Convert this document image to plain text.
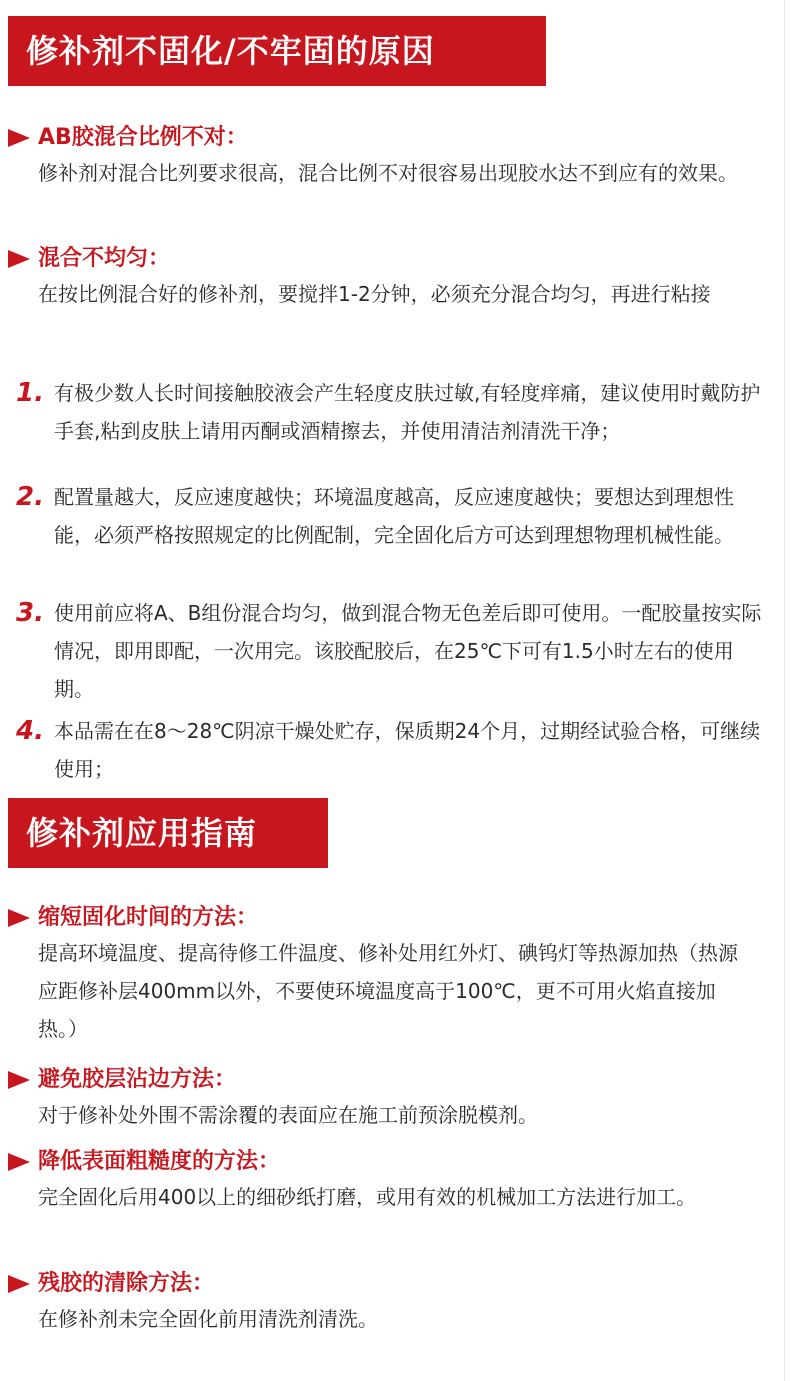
修补剂不固化/不牢固的原因
AB胶混合比例不对：
修补剂对混合比列要求很高，混合比例不对很容易出现胶水达不到应有的效果。
混合不均匀：
在按比例混合好的修补剂，要搅拌1-2分钟，必须充分混合均匀，再进行粘接
1. 有极少数人长时间接触胶液会产生轻度皮肤过敏,有轻度痒痛，建议使用时戴防护手套,粘到皮肤上请用丙酮或酒精擦去，并使用清洁剂清洗干净；
2. 配置量越大，反应速度越快；环境温度越高，反应速度越快；要想达到理想性能，必须严格按照规定的比例配制，完全固化后方可达到理想物理机械性能。
3. 使用前应将A、B组份混合均匀，做到混合物无色差后即可使用。一配胶量按实际情况，即用即配，一次用完。该胶配胶后，在25℃下可有1.5小时左右的使用期。
4. 本品需在在8～28℃阴凉干燥处贮存，保质期24个月，过期经试验合格，可继续使用；
修补剂应用指南
缩短固化时间的方法：
提高环境温度、提高待修工件温度、修补处用红外灯、碘钨灯等热源加热（热源应距修补层400mm以外，不要使环境温度高于100℃，更不可用火焰直接加热。）
避免胶层沾边方法：
对于修补处外围不需涂覆的表面应在施工前预涂脱模剂。
降低表面粗糙度的方法：
完全固化后用400以上的细砂纸打磨，或用有效的机械加工方法进行加工。
残胶的清除方法：
在修补剂未完全固化前用清洗剂清洗。
